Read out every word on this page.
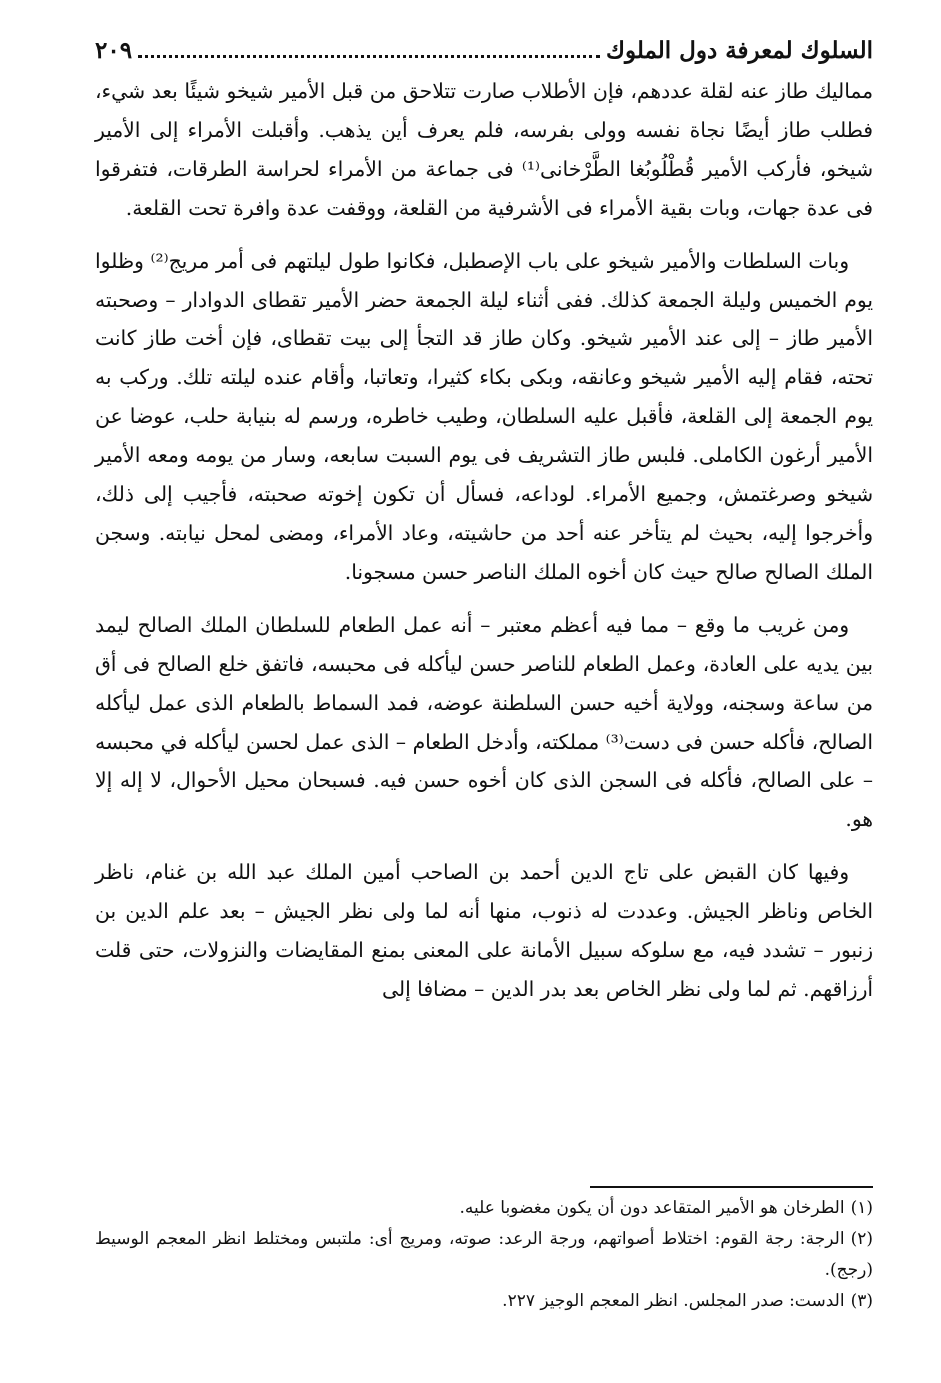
السلوك لمعرفة دول الملوك
٢٠٩

مماليك طاز عنه لقلة عددهم، فإن الأطلاب صارت تتلاحق من قبل الأمير شيخو شيئًا بعد شيء، فطلب طاز أيضًا نجاة نفسه وولى بفرسه، فلم يعرف أين يذهب. وأقبلت الأمراء إلى الأمير شيخو، فأركب الأمير قُطْلُوبُغا الطَّرْخانى⁽¹⁾ فى جماعة من الأمراء لحراسة الطرقات، فتفرقوا فى عدة جهات، وبات بقية الأمراء فى الأشرفية من القلعة، ووقفت عدة وافرة تحت القلعة.

وبات السلطات والأمير شيخو على باب الإصطبل، فكانوا طول ليلتهم فى أمر مريج⁽²⁾ وظلوا يوم الخميس وليلة الجمعة كذلك. ففى أثناء ليلة الجمعة حضر الأمير تقطاى الدوادار – وصحبته الأمير طاز – إلى عند الأمير شيخو. وكان طاز قد التجأ إلى بيت تقطاى، فإن أخت طاز كانت تحته، فقام إليه الأمير شيخو وعانقه، وبكى بكاء كثيرا، وتعاتبا، وأقام عنده ليلته تلك. وركب به يوم الجمعة إلى القلعة، فأقبل عليه السلطان، وطيب خاطره، ورسم له بنيابة حلب، عوضا عن الأمير أرغون الكاملى. فلبس طاز التشريف فى يوم السبت سابعه، وسار من يومه ومعه الأمير شيخو وصرغتمش، وجميع الأمراء. لوداعه، فسأل أن تكون إخوته صحبته، فأجيب إلى ذلك، وأخرجوا إليه، بحيث لم يتأخر عنه أحد من حاشيته، وعاد الأمراء، ومضى لمحل نيابته. وسجن الملك الصالح صالح حيث كان أخوه الملك الناصر حسن مسجونا.

ومن غريب ما وقع – مما فيه أعظم معتبر – أنه عمل الطعام للسلطان الملك الصالح ليمد بين يديه على العادة، وعمل الطعام للناصر حسن ليأكله فى محبسه، فاتفق خلع الصالح فى أق من ساعة وسجنه، وولاية أخيه حسن السلطنة عوضه، فمد السماط بالطعام الذى عمل ليأكله الصالح، فأكله حسن فى دست⁽³⁾ مملكته، وأدخل الطعام – الذى عمل لحسن ليأكله في محبسه – على الصالح، فأكله فى السجن الذى كان أخوه حسن فيه. فسبحان محيل الأحوال، لا إله إلا هو.

وفيها كان القبض على تاج الدين أحمد بن الصاحب أمين الملك عبد الله بن غنام، ناظر الخاص وناظر الجيش. وعددت له ذنوب، منها أنه لما ولى نظر الجيش – بعد علم الدين بن زنبور – تشدد فيه، مع سلوكه سبيل الأمانة على المعنى بمنع المقايضات والنزولات، حتى قلت أرزاقهم. ثم لما ولى نظر الخاص بعد بدر الدين – مضافا إلى

(١)الطرخان هو الأمير المتقاعد دون أن يكون مغضوبا عليه.

(٢)الرجة: رجة القوم: اختلاط أصواتهم، ورجة الرعد: صوته، ومريج أى: ملتبس ومختلط انظر المعجم الوسيط (رجج).

(٣)الدست: صدر المجلس. انظر المعجم الوجيز ٢٢٧.
